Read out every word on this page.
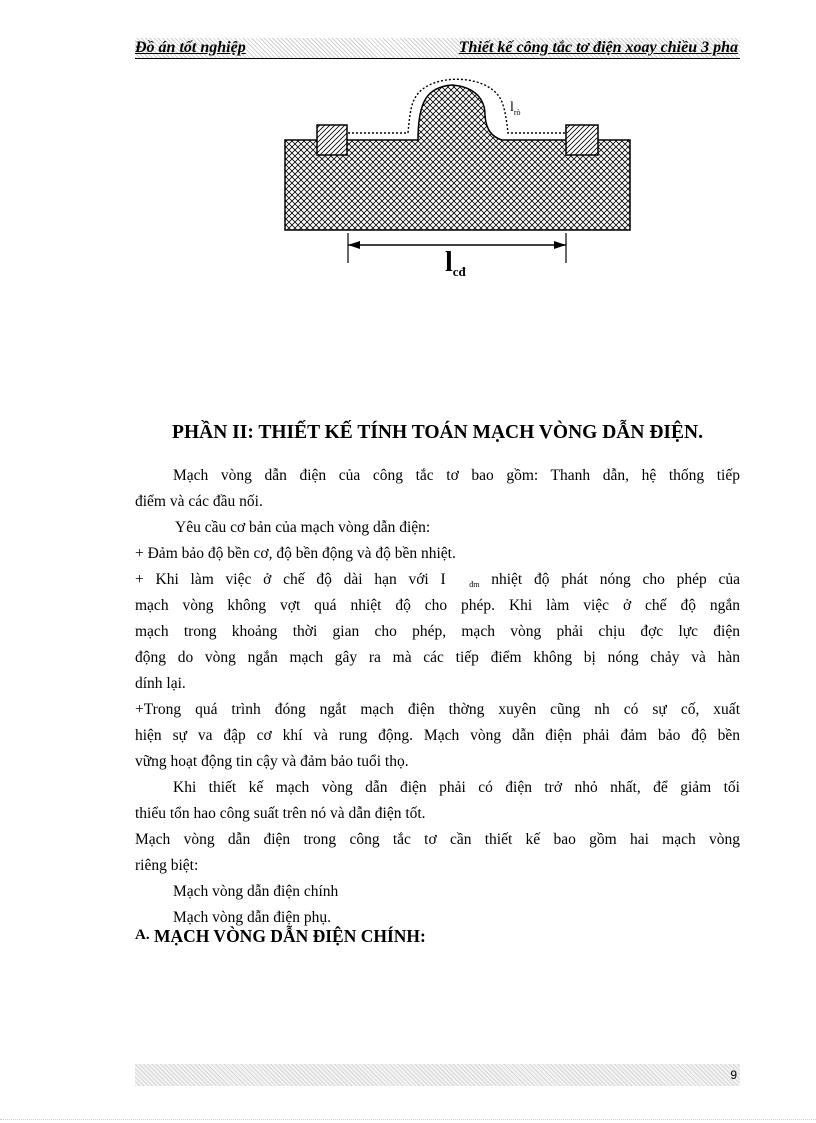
Đồ án tốt nghiệp	Thiết kế công tắc tơ điện xoay chiều 3 pha
$l_{rò}$
lcđ
PHẦN II: THIẾT KẾ TÍNH TOÁN MẠCH VÒNG DẪN ĐIỆN.
Mạch vòng dẫn điện của công tắc tơ bao gồm: Thanh dẫn, hệ thống tiếp
điểm và các đầu nối.
Yêu cầu cơ bản của mạch vòng dẫn điện:
+ Đảm bảo độ bền cơ, độ bền động và độ bền nhiệt.
+ Khi làm việc ở chế độ dài hạn với I	$_{đm}$ nhiệt độ phát nóng cho phép của
mạch vòng không vợt quá nhiệt độ cho phép. Khi làm việc ở chế độ ngắn
mạch trong khoảng thời gian cho phép, mạch vòng phải chịu đợc lực điện
động do vòng ngắn mạch gây ra mà các tiếp điểm không bị nóng chảy và hàn
dính lại.
+Trong quá trình đóng ngắt mạch điện thờng xuyên cũng nh có sự cố, xuất
hiện sự va đập cơ khí và rung động. Mạch vòng dẫn điện phải đảm bảo độ bền
vững hoạt động tin cậy và đảm bảo tuổi thọ.
Khi thiết kế mạch vòng dẫn điện phải có điện trở nhỏ nhất, để giảm tối
thiểu tổn hao công suất trên nó và dẫn điện tốt.
Mạch vòng dẫn điện trong công tắc tơ cần thiết kế bao gồm hai mạch vòng
riêng biệt:
Mạch vòng dẫn điện chính
Mạch vòng dẫn điện phụ.
A. MẠCH VÒNG DẪN ĐIỆN CHÍNH:
9
